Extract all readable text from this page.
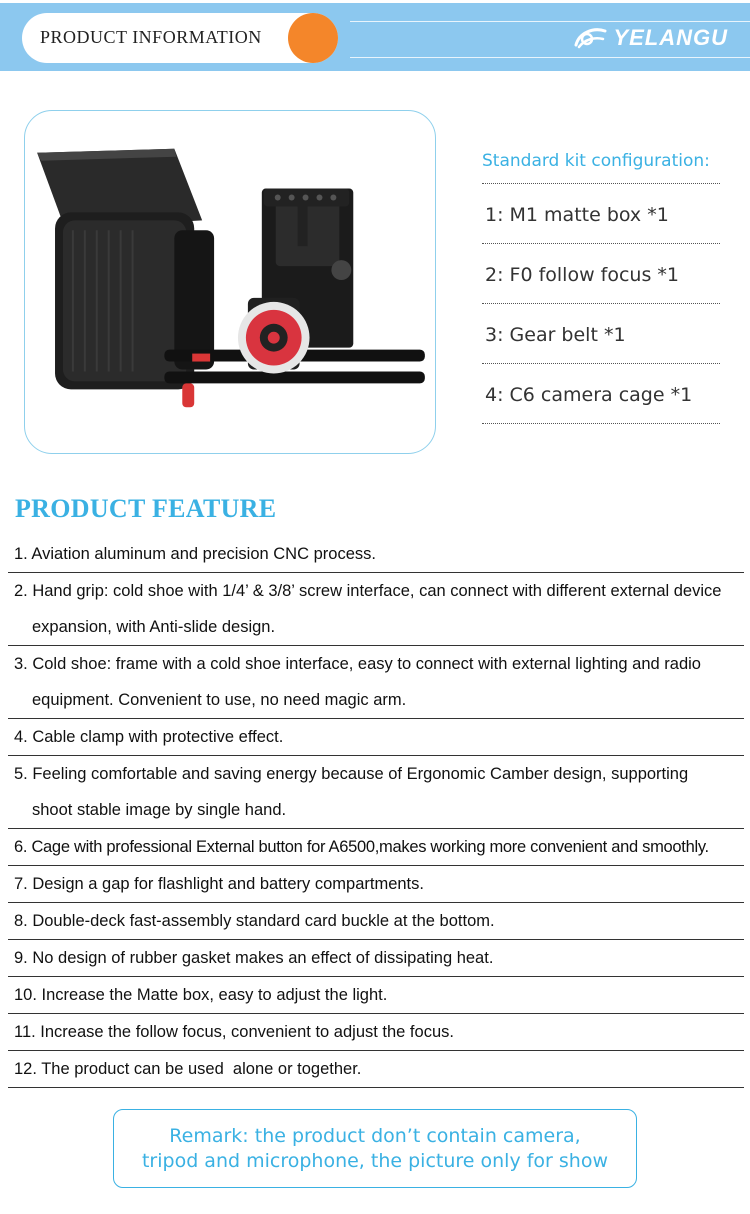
PRODUCT INFORMATION	YELANGU
Standard kit configuration:
1: M1 matte box *1
2: F0 follow focus *1
3: Gear belt *1
4: C6 camera cage *1
PRODUCT FEATURE
1. Aviation aluminum and precision CNC process.
2. Hand grip: cold shoe with 1/4’ & 3/8’ screw interface, can connect with different external device
expansion, with Anti-slide design.
3. Cold shoe: frame with a cold shoe interface, easy to connect with external lighting and radio
equipment. Convenient to use, no need magic arm.
4. Cable clamp with protective effect.
5. Feeling comfortable and saving energy because of Ergonomic Camber design, supporting
shoot stable image by single hand.
6. Cage with professional External button for A6500,makes working more convenient and smoothly.
7. Design a gap for flashlight and battery compartments.
8. Double-deck fast-assembly standard card buckle at the bottom.
9. No design of rubber gasket makes an effect of dissipating heat.
10. Increase the Matte box, easy to adjust the light.
11. Increase the follow focus, convenient to adjust the focus.
12. The product can be used  alone or together.
Remark: the product don’t contain camera,
tripod and microphone, the picture only for show
